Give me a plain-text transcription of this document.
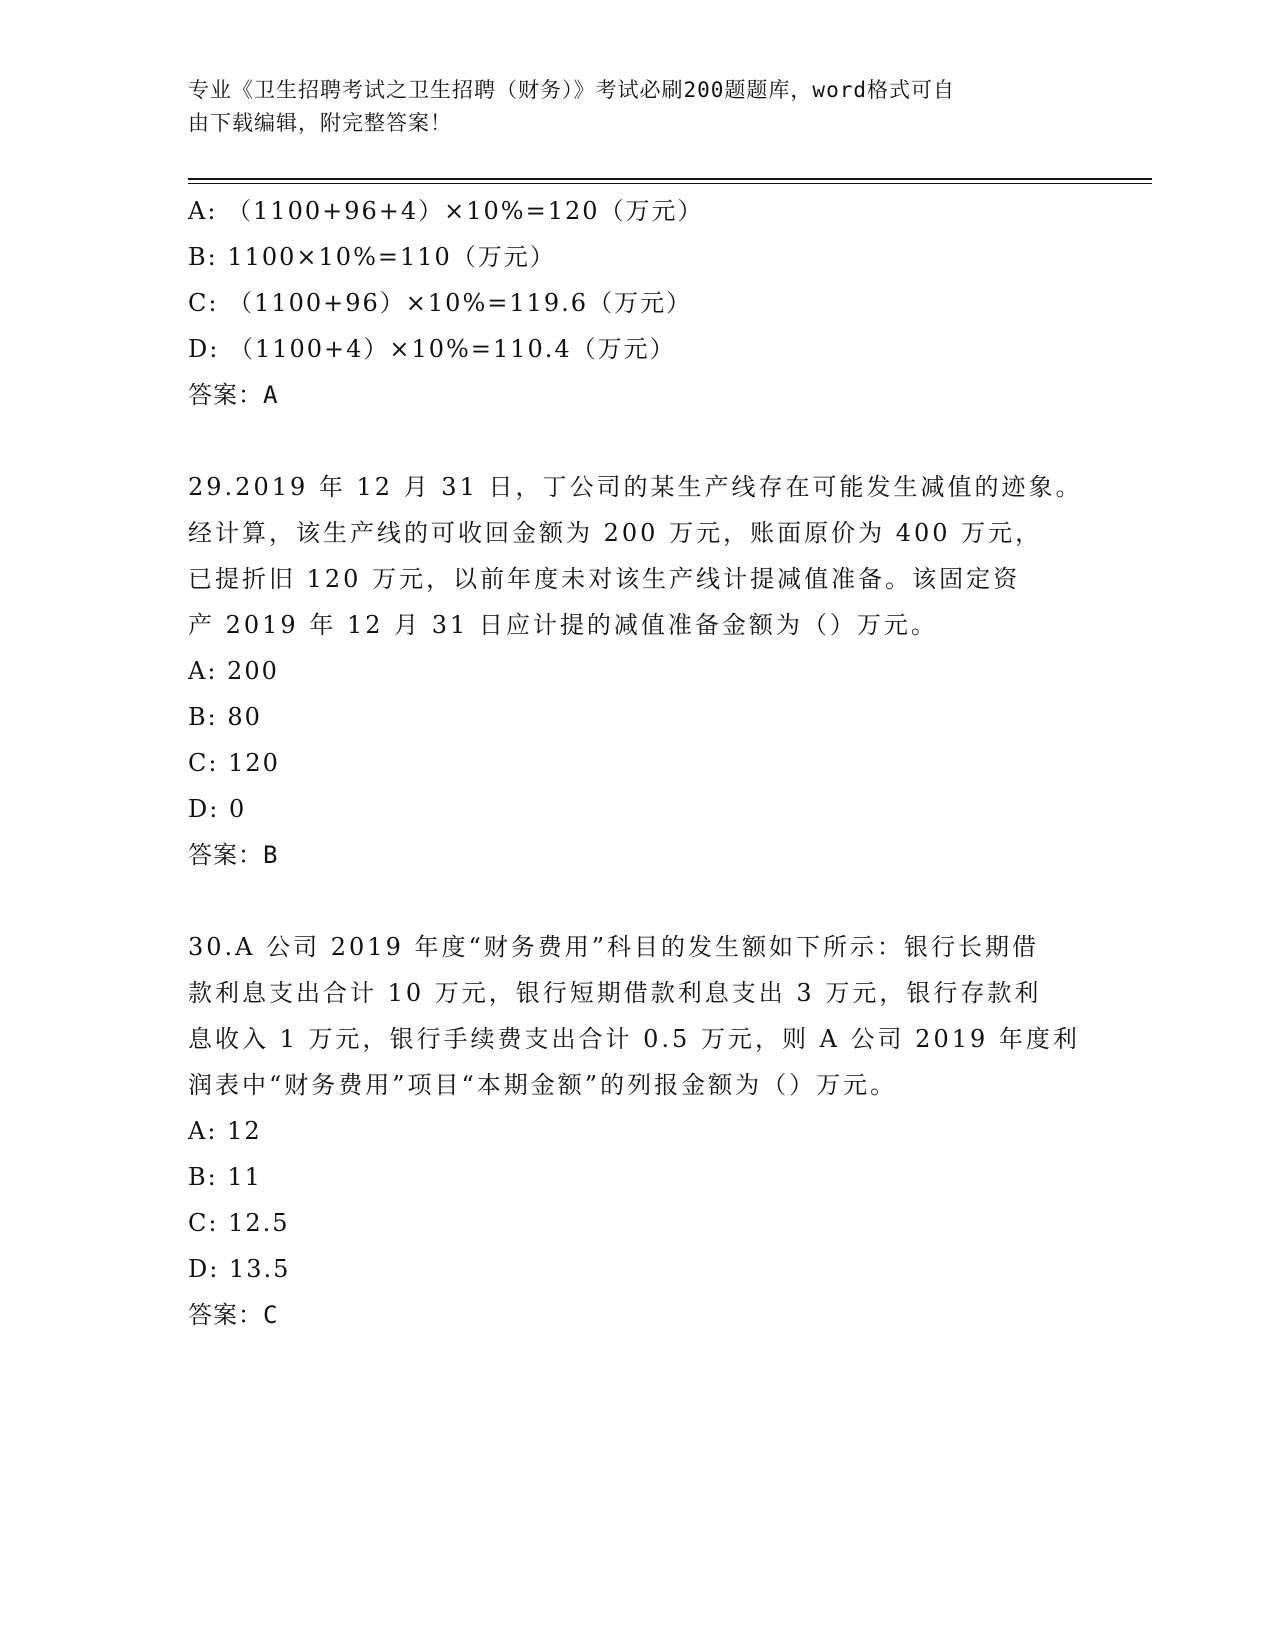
专业《卫生招聘考试之卫生招聘（财务）》考试必刷200题题库，word格式可自
由下载编辑，附完整答案！
A: （1100+96+4）×10%=120（万元）
B: 1100×10%=110（万元）
C: （1100+96）×10%=119.6（万元）
D: （1100+4）×10%=110.4（万元）
答案：A
29.2019 年 12 月 31 日，丁公司的某生产线存在可能发生减值的迹象。
经计算，该生产线的可收回金额为 200 万元，账面原价为 400 万元，
已提折旧 120 万元，以前年度未对该生产线计提减值准备。该固定资
产 2019 年 12 月 31 日应计提的减值准备金额为（）万元。
A: 200
B: 80
C: 120
D: 0
答案：B
30.A 公司 2019 年度“财务费用”科目的发生额如下所示：银行长期借
款利息支出合计 10 万元，银行短期借款利息支出 3 万元，银行存款利
息收入 1 万元，银行手续费支出合计 0.5 万元，则 A 公司 2019 年度利
润表中“财务费用”项目“本期金额”的列报金额为（）万元。
A: 12
B: 11
C: 12.5
D: 13.5
答案：C
